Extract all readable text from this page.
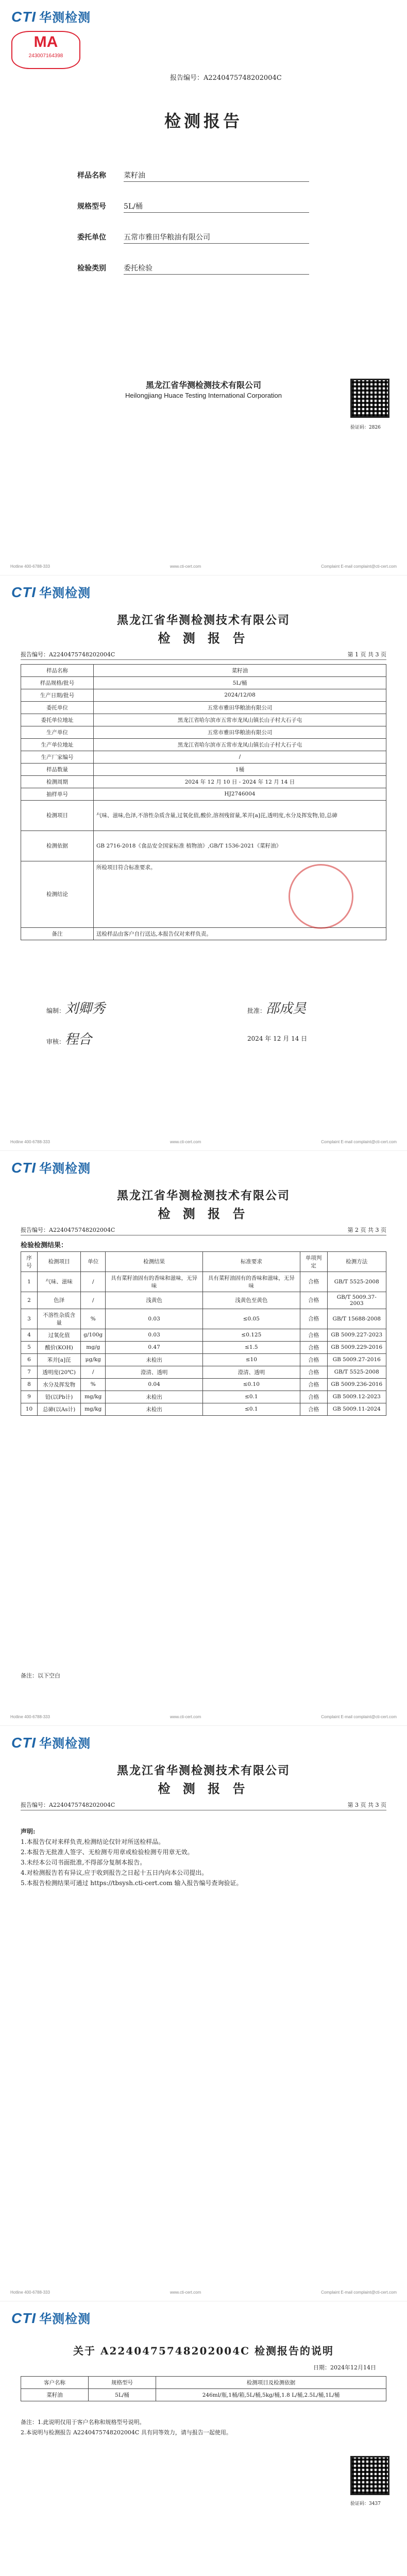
CTI 华测检测
MA
243007164398
报告编号：A2240475748202004C
检测报告
样品名称 菜籽油
规格型号 5L/桶
委托单位 五常市雅田华粮油有限公司
检验类别 委托检验
黑龙江省华测检测技术有限公司
Heilongjiang Huace Testing International Corporation
验证码：2826
Hotline 400-6788-333	www.cti-cert.com	Complaint E-mail complaint@cti-cert.com
CTI 华测检测
黑龙江省华测检测技术有限公司
检 测 报 告
报告编号：A2240475748202004C	第 1 页 共 3 页
样品名称	菜籽油
样品规格/批号	5L/桶
生产日期/批号	2024/12/08
委托单位	五常市雅田华粮油有限公司
委托单位地址	黑龙江省哈尔滨市五常市龙凤山镇长山子村大石子屯
生产单位	五常市雅田华粮油有限公司
生产单位地址	黑龙江省哈尔滨市五常市龙凤山镇长山子村大石子屯
生产厂家编号	/
样品数量	1桶
检测周期	2024 年 12 月 10 日 - 2024 年 12 月 14 日
抽样单号	HJ2746004
检测项目	气味、滋味,色泽,不溶性杂质含量,过氧化值,酸价,溶剂残留量,苯并[a]芘,透明度,水分及挥发物,铅,总砷
检测依据	GB 2716-2018《食品安全国家标准 植物油》,GB/T 1536-2021《菜籽油》
检测结论	所检项目符合标准要求。
备注	送检样品由客户自行送达,本报告仅对来样负责。
编制：刘卿秀
审核：程合
批准：邵成昊
2024 年 12 月 14 日
Hotline 400-6788-333	www.cti-cert.com	Complaint E-mail complaint@cti-cert.com
CTI 华测检测
黑龙江省华测检测技术有限公司
检 测 报 告
报告编号：A2240475748202004C	第 2 页 共 3 页
检验检测结果：
序号	检测项目	单位	检测结果	标准要求	单项判定	检测方法
1	气味、滋味	/	具有菜籽油固有的香味和滋味，无异味	具有菜籽油固有的香味和滋味，无异味	合格	GB/T 5525-2008
2	色泽	/	浅黄色	浅黄色至黄色	合格	GB/T 5009.37-2003
3	不溶性杂质含量	%	0.03	≤0.05	合格	GB/T 15688-2008
4	过氧化值	g/100g	0.03	≤0.125	合格	GB 5009.227-2023
5	酸价(KOH)	mg/g	0.47	≤1.5	合格	GB 5009.229-2016
6	苯并[a]芘	μg/kg	未检出	≤10	合格	GB 5009.27-2016
7	透明度(20℃)	/	澄清、透明	澄清、透明	合格	GB/T 5525-2008
8	水分及挥发物	%	0.04	≤0.10	合格	GB 5009.236-2016
9	铅(以Pb计)	mg/kg	未检出	≤0.1	合格	GB 5009.12-2023
10	总砷(以As计)	mg/kg	未检出	≤0.1	合格	GB 5009.11-2024
备注：以下空白
Hotline 400-6788-333	www.cti-cert.com	Complaint E-mail complaint@cti-cert.com
CTI 华测检测
黑龙江省华测检测技术有限公司
检 测 报 告
报告编号：A2240475748202004C	第 3 页 共 3 页
声明:
1.本报告仅对来样负责,检测结论仅针对所送检样品。
2.本报告无批准人签字、无检测专用章或检验检测专用章无效。
3.未经本公司书面批准,不得部分复制本报告。
4.对检测报告若有异议,应于收到报告之日起十五日内向本公司提出。
5.本报告检测结果可通过 https://tbsysh.cti-cert.com 输入报告编号查询验证。
Hotline 400-6788-333	www.cti-cert.com	Complaint E-mail complaint@cti-cert.com
CTI 华测检测
关于 A2240475748202004C 检测报告的说明
日期：2024年12月14日
客户名称	规格型号	检测项目及检测依据
菜籽油	5L/桶	246ml/瓶,1桶/箱,5L/桶,5kg/桶,1.8 L/桶,2.5L/桶,1L/桶
备注：1.此说明仅用于客户名称和规格型号说明。
2.本说明与检测报告 A2240475748202004C 具有同等效力，请与报告一起使用。
验证码：3437
